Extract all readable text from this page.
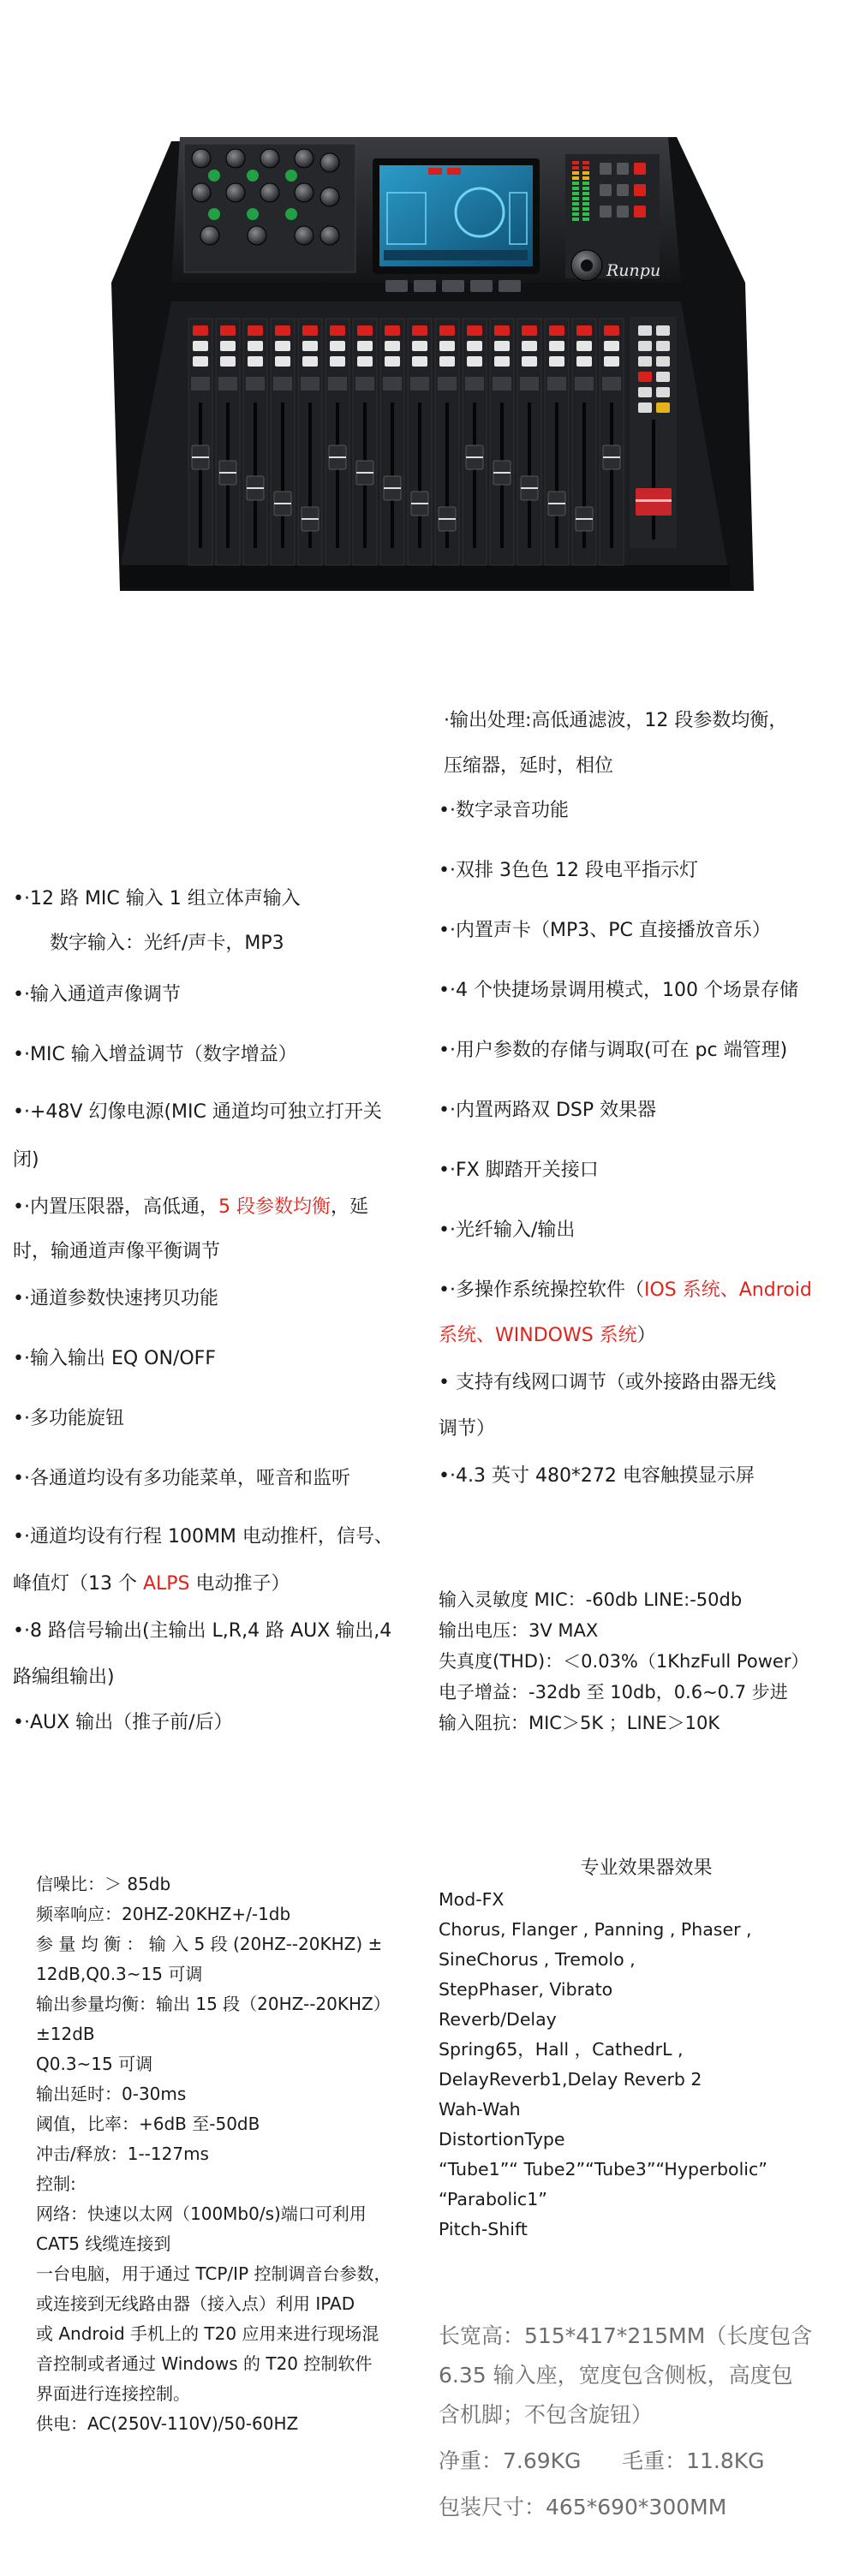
Runpu
•·12 路 MIC 输入 1 组立体声输入
数字输入：光纤/声卡，MP3
•·输入通道声像调节
•·MIC 输入增益调节（数字增益）
•·+48V 幻像电源(MIC 通道均可独立打开关
闭)
•·内置压限器，高低通，5 段参数均衡，延
时，输通道声像平衡调节
•·通道参数快速拷贝功能
•·输入输出 EQ ON/OFF
•·多功能旋钮
•·各通道均设有多功能菜单，哑音和监听
•·通道均设有行程 100MM 电动推杆，信号、
峰值灯（13 个 ALPS 电动推子）
•·8 路信号输出(主输出 L,R,4 路 AUX 输出,4
路编组输出)
•·AUX 输出（推子前/后）
·输出处理:高低通滤波，12 段参数均衡，
压缩器，延时，相位
•·数字录音功能
•·双排 3色色 12 段电平指示灯
•·内置声卡（MP3、PC 直接播放音乐）
•·4 个快捷场景调用模式，100 个场景存储
•·用户参数的存储与调取(可在 pc 端管理)
•·内置两路双 DSP 效果器
•·FX 脚踏开关接口
•·光纤输入/输出
•·多操作系统操控软件（IOS 系统、Android
系统、WINDOWS 系统）
• 支持有线网口调节（或外接路由器无线
调节）
•·4.3 英寸 480*272 电容触摸显示屏
输入灵敏度 MIC：-60db LINE:-50db
输出电压：3V MAX
失真度(THD)：＜0.03%（1KhzFull Power）
电子增益：-32db 至 10db，0.6~0.7 步进
输入阻抗：MIC＞5K ；LINE＞10K
信噪比：＞ 85db
频率响应：20HZ-20KHZ+/-1db
参 量 均 衡 ： 输 入 5 段 (20HZ--20KHZ) ±
12dB,Q0.3~15 可调
输出参量均衡：输出 15 段（20HZ--20KHZ）
±12dB
Q0.3~15 可调
输出延时：0-30ms
阈值，比率：+6dB 至-50dB
冲击/释放：1--127ms
控制:
网络：快速以太网（100Mb0/s)端口可利用
CAT5 线缆连接到
一台电脑，用于通过 TCP/IP 控制调音台参数，
或连接到无线路由器（接入点）利用 IPAD
或 Android 手机上的 T20 应用来进行现场混
音控制或者通过 Windows 的 T20 控制软件
界面进行连接控制。
供电：AC(250V-110V)/50-60HZ
专业效果器效果
Mod-FX
Chorus, Flanger , Panning , Phaser ,
SineChorus , Tremolo ,
StepPhaser, Vibrato
Reverb/Delay
Spring65，Hall ，CathedrL ,
DelayReverb1,Delay Reverb 2
Wah-Wah
DistortionType
“Tube1”“ Tube2”“Tube3”“Hyperbolic”
“Parabolic1”
Pitch-Shift
长宽高：515*417*215MM（长度包含
6.35 输入座，宽度包含侧板，高度包
含机脚；不包含旋钮）
净重：7.69KG      毛重：11.8KG
包装尺寸：465*690*300MM
